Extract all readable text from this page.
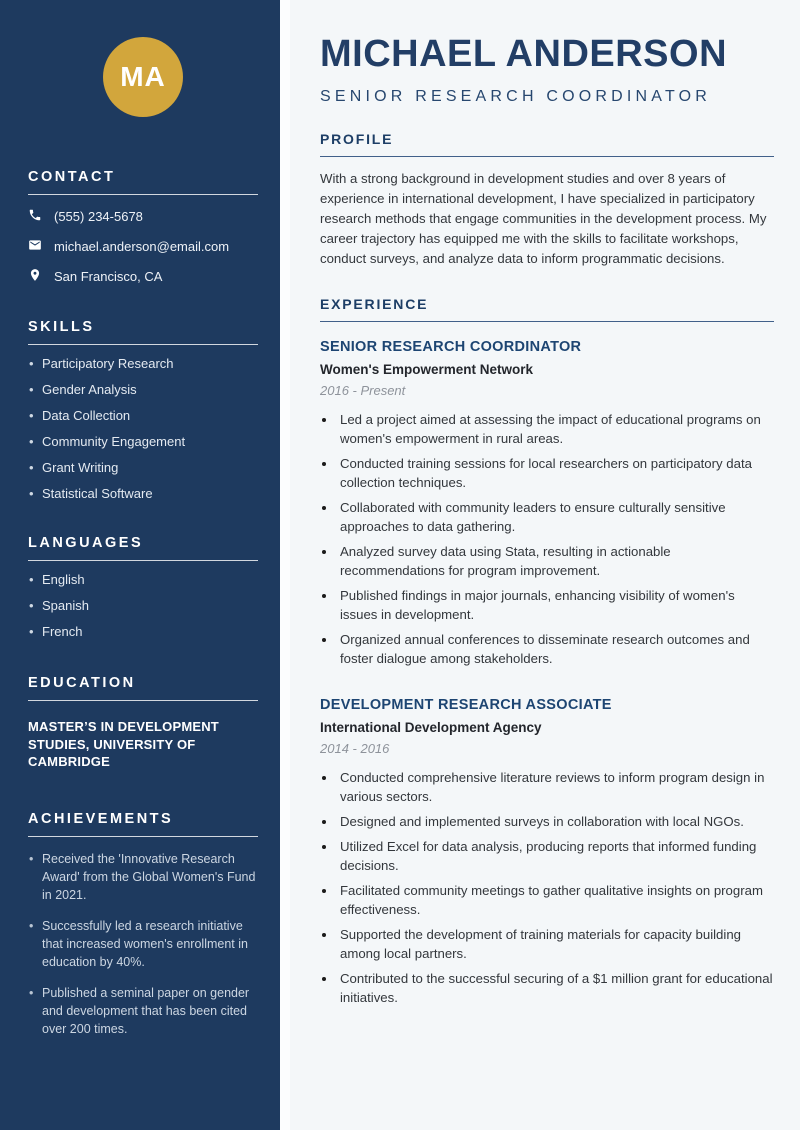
MA
CONTACT
(555) 234-5678
michael.anderson@email.com
San Francisco, CA
SKILLS
• Participatory Research
• Gender Analysis
• Data Collection
• Community Engagement
• Grant Writing
• Statistical Software
LANGUAGES
• English
• Spanish
• French
EDUCATION
MASTER’S IN DEVELOPMENT STUDIES, UNIVERSITY OF CAMBRIDGE
ACHIEVEMENTS
• Received the 'Innovative Research Award' from the Global Women's Fund in 2021.
• Successfully led a research initiative that increased women's enrollment in education by 40%.
• Published a seminal paper on gender and development that has been cited over 200 times.
MICHAEL ANDERSON
SENIOR RESEARCH COORDINATOR
PROFILE

With a strong background in development studies and over 8 years of experience in international development, I have specialized in participatory research methods that engage communities in the development process. My career trajectory has equipped me with the skills to facilitate workshops, conduct surveys, and analyze data to inform programmatic decisions.

EXPERIENCE
SENIOR RESEARCH COORDINATOR
Women's Empowerment Network
2016 - Present
• Led a project aimed at assessing the impact of educational programs on women's empowerment in rural areas.
• Conducted training sessions for local researchers on participatory data collection techniques.
• Collaborated with community leaders to ensure culturally sensitive approaches to data gathering.
• Analyzed survey data using Stata, resulting in actionable recommendations for program improvement.
• Published findings in major journals, enhancing visibility of women's issues in development.
• Organized annual conferences to disseminate research outcomes and foster dialogue among stakeholders.
DEVELOPMENT RESEARCH ASSOCIATE
International Development Agency
2014 - 2016
• Conducted comprehensive literature reviews to inform program design in various sectors.
• Designed and implemented surveys in collaboration with local NGOs.
• Utilized Excel for data analysis, producing reports that informed funding decisions.
• Facilitated community meetings to gather qualitative insights on program effectiveness.
• Supported the development of training materials for capacity building among local partners.
• Contributed to the successful securing of a $1 million grant for educational initiatives.
